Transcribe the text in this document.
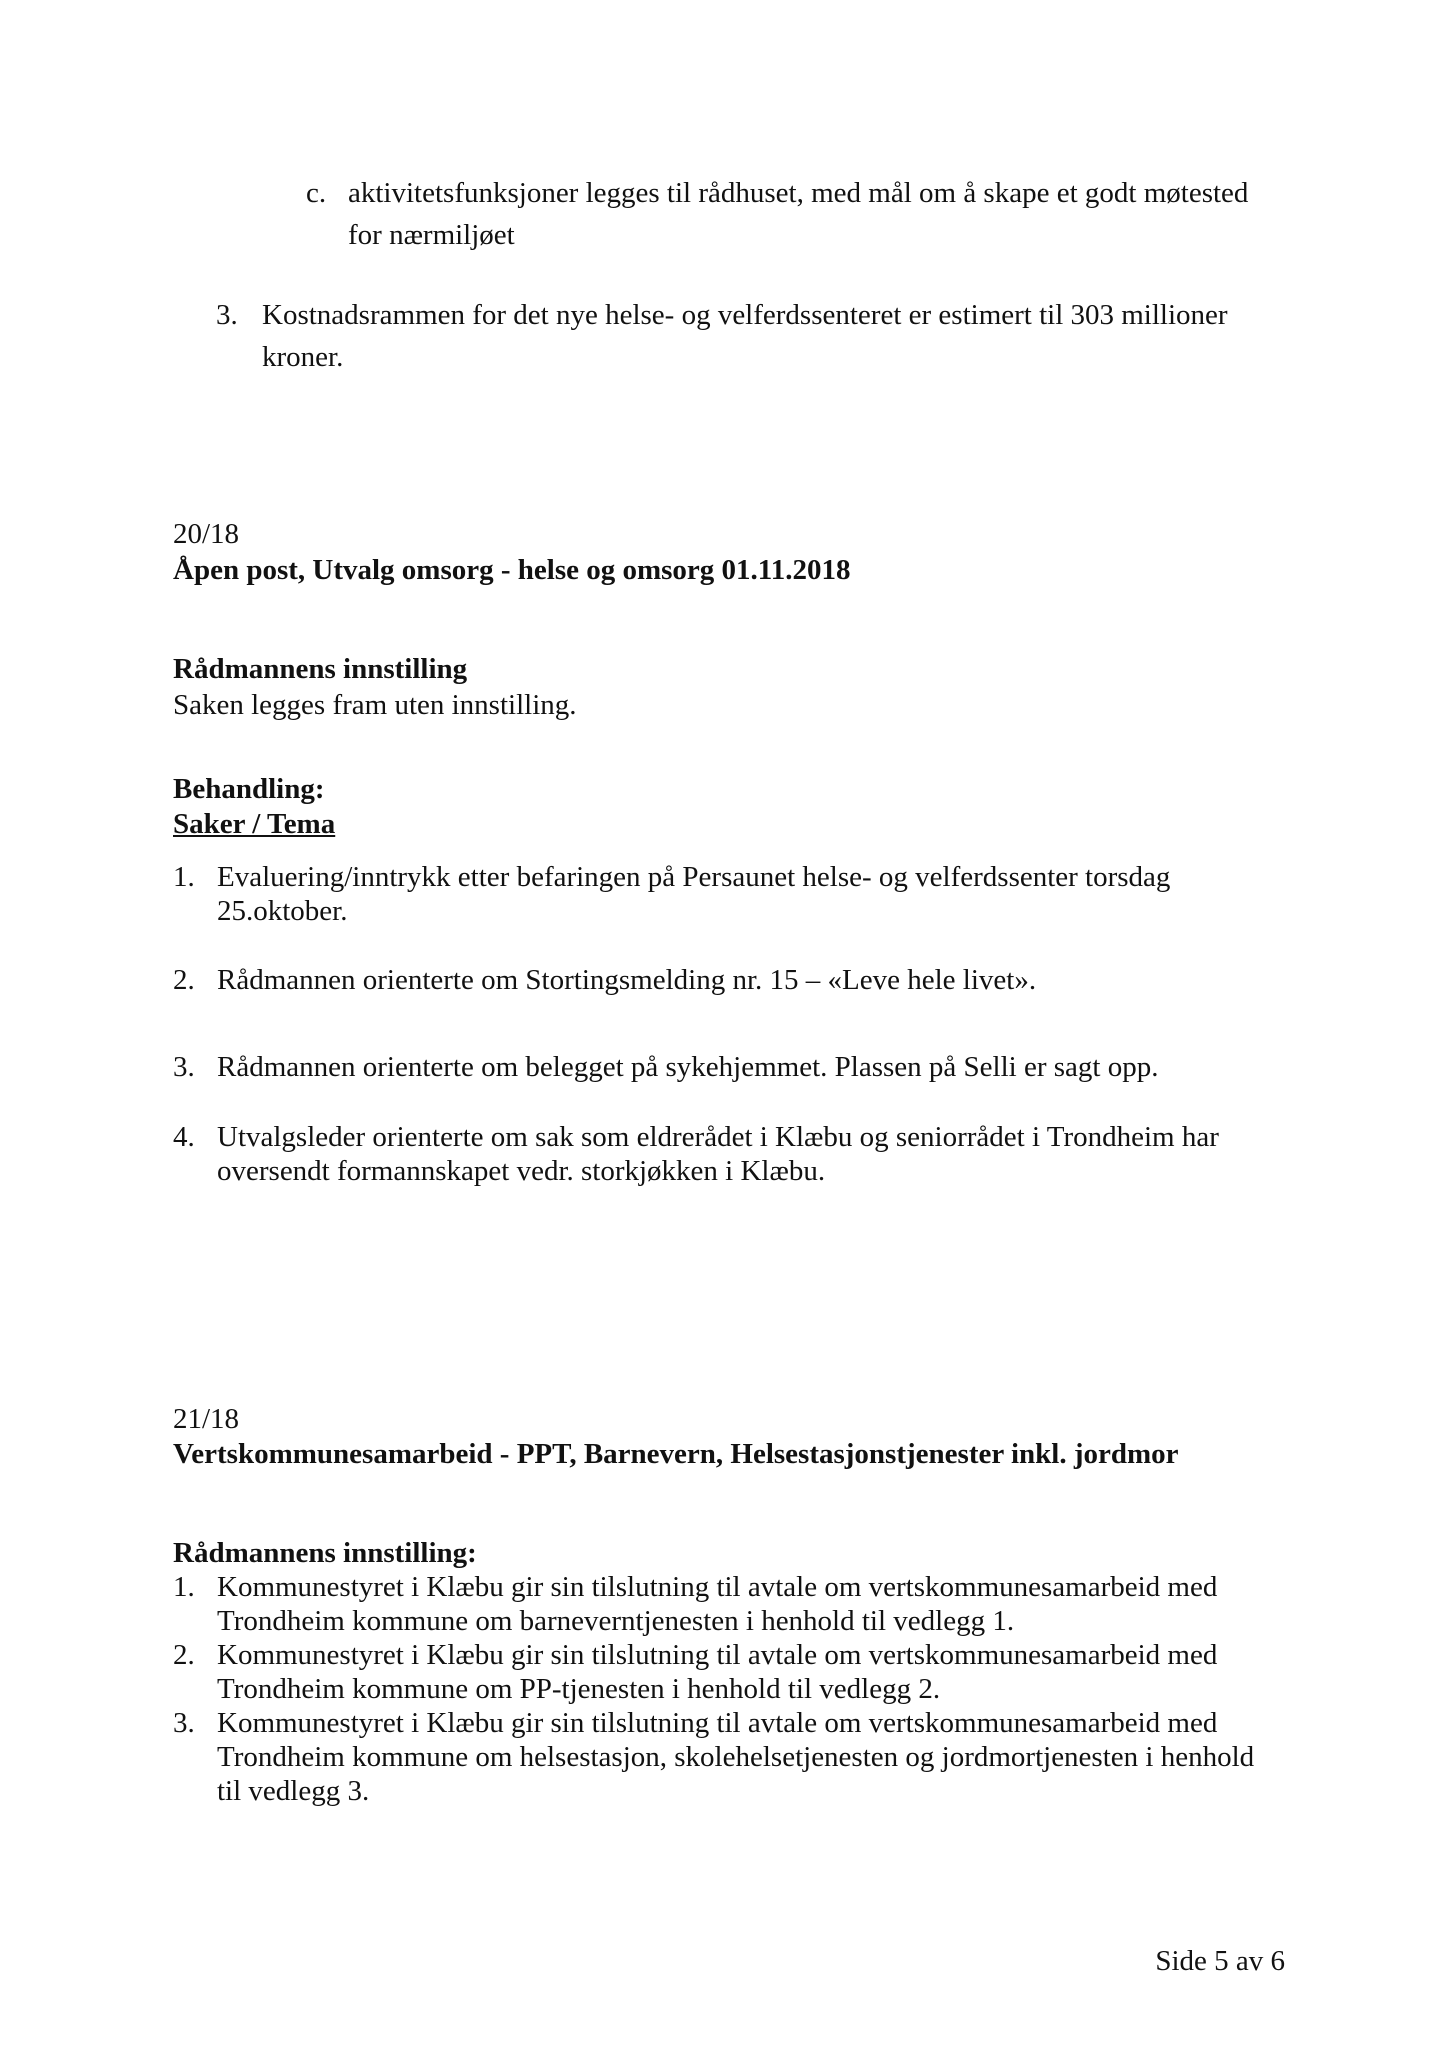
c. aktivitetsfunksjoner legges til rådhuset, med mål om å skape et godt møtested
for nærmiljøet
3. Kostnadsrammen for det nye helse- og velferdssenteret er estimert til 303 millioner
kroner.
20/18
Åpen post, Utvalg omsorg - helse og omsorg 01.11.2018
Rådmannens innstilling
Saken legges fram uten innstilling.
Behandling:
Saker / Tema
1. Evaluering/inntrykk etter befaringen på Persaunet helse- og velferdssenter torsdag
25.oktober.
2. Rådmannen orienterte om Stortingsmelding nr. 15 – «Leve hele livet».
3. Rådmannen orienterte om belegget på sykehjemmet. Plassen på Selli er sagt opp.
4. Utvalgsleder orienterte om sak som eldrerådet i Klæbu og seniorrådet i Trondheim har
oversendt formannskapet vedr. storkjøkken i Klæbu.
21/18
Vertskommunesamarbeid - PPT, Barnevern, Helsestasjonstjenester inkl. jordmor
Rådmannens innstilling:
1. Kommunestyret i Klæbu gir sin tilslutning til avtale om vertskommunesamarbeid med
Trondheim kommune om barneverntjenesten i henhold til vedlegg 1.
2. Kommunestyret i Klæbu gir sin tilslutning til avtale om vertskommunesamarbeid med
Trondheim kommune om PP-tjenesten i henhold til vedlegg 2.
3. Kommunestyret i Klæbu gir sin tilslutning til avtale om vertskommunesamarbeid med
Trondheim kommune om helsestasjon, skolehelsetjenesten og jordmortjenesten i henhold
til vedlegg 3.
Side 5 av 6
